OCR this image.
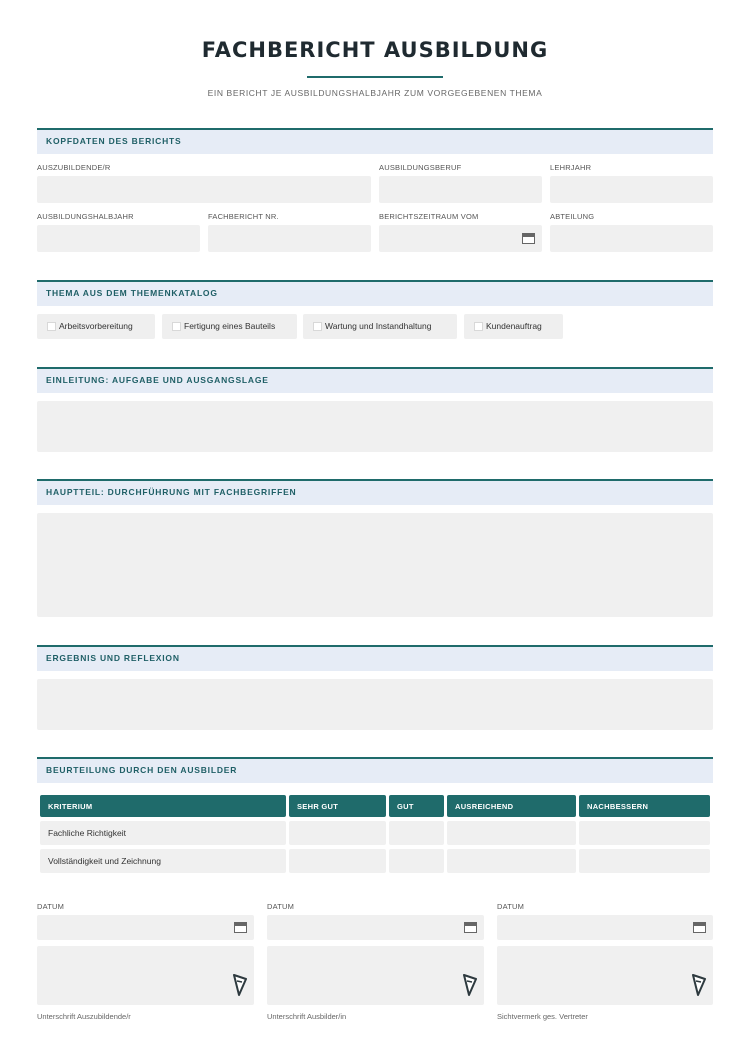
FACHBERICHT AUSBILDUNG
EIN BERICHT JE AUSBILDUNGSHALBJAHR ZUM VORGEGEBENEN THEMA
KOPFDATEN DES BERICHTS
AUSZUBILDENDE/R	AUSBILDUNGSBERUF	LEHRJAHR
AUSBILDUNGSHALBJAHR	FACHBERICHT NR.	BERICHTSZEITRAUM VOM	ABTEILUNG
THEMA AUS DEM THEMENKATALOG
Arbeitsvorbereitung	Fertigung eines Bauteils	Wartung und Instandhaltung	Kundenauftrag
EINLEITUNG: AUFGABE UND AUSGANGSLAGE
HAUPTTEIL: DURCHFÜHRUNG MIT FACHBEGRIFFEN
ERGEBNIS UND REFLEXION
BEURTEILUNG DURCH DEN AUSBILDER
KRITERIUM	SEHR GUT	GUT	AUSREICHEND	NACHBESSERN
Fachliche Richtigkeit
Vollständigkeit und Zeichnung
DATUM
Unterschrift Auszubildende/r
DATUM
Unterschrift Ausbilder/in
DATUM
Sichtvermerk ges. Vertreter
